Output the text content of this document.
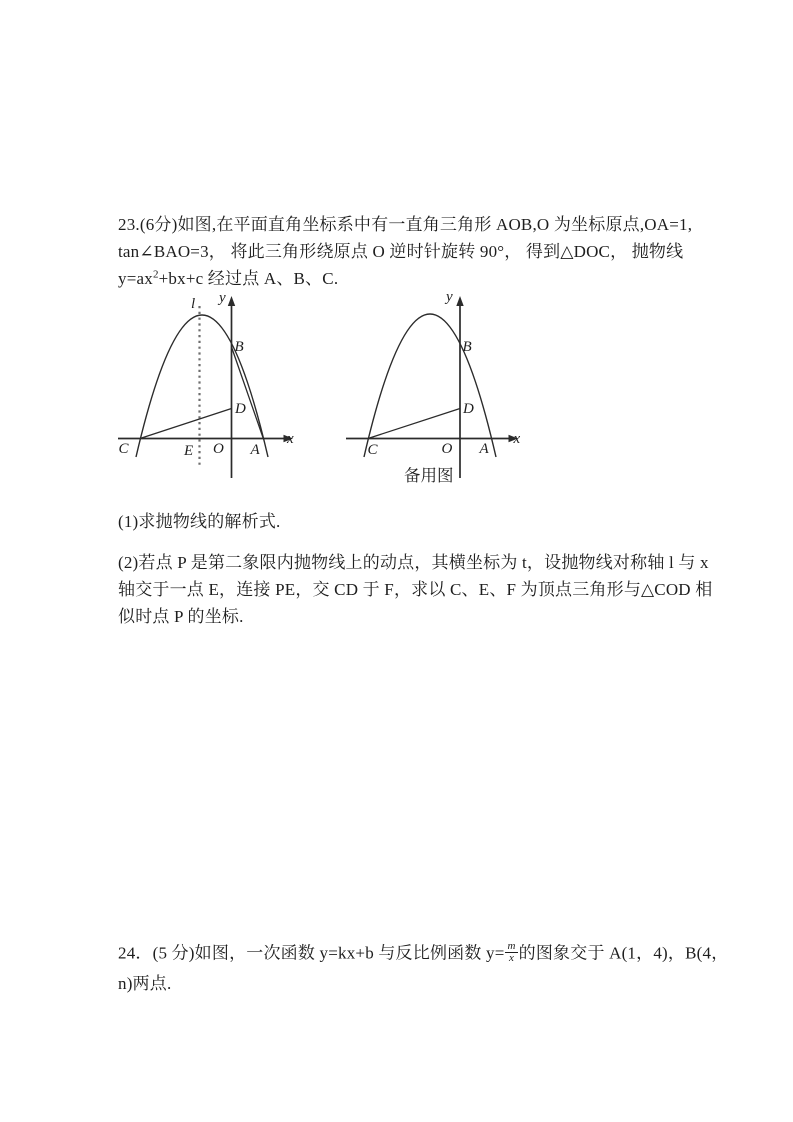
23.(6分)如图,在平面直角坐标系中有一直角三角形 AOB,O 为坐标原点,OA=1,
tan∠BAO=3， 将此三角形绕原点 O 逆时针旋转 90°， 得到△DOC， 抛物线
$y=ax^2+bx+c$ 经过点 A、B、C.
l y
B
D
C	E O A
x
y
B
D
C	O A
x
备用图
(1)求抛物线的解析式.
(2)若点 P 是第二象限内抛物线上的动点，其横坐标为 t，设抛物线对称轴 l 与 x
轴交于一点 E，连接 PE，交 CD 于 F，求以 C、E、F 为顶点三角形与△COD 相
似时点 P 的坐标.
24．(5 分)如图，一次函数 y=kx+b 与反比例函数 $y= \frac{m}{x}$ 的图象交于 A(1，4)，B(4，
n)两点.
